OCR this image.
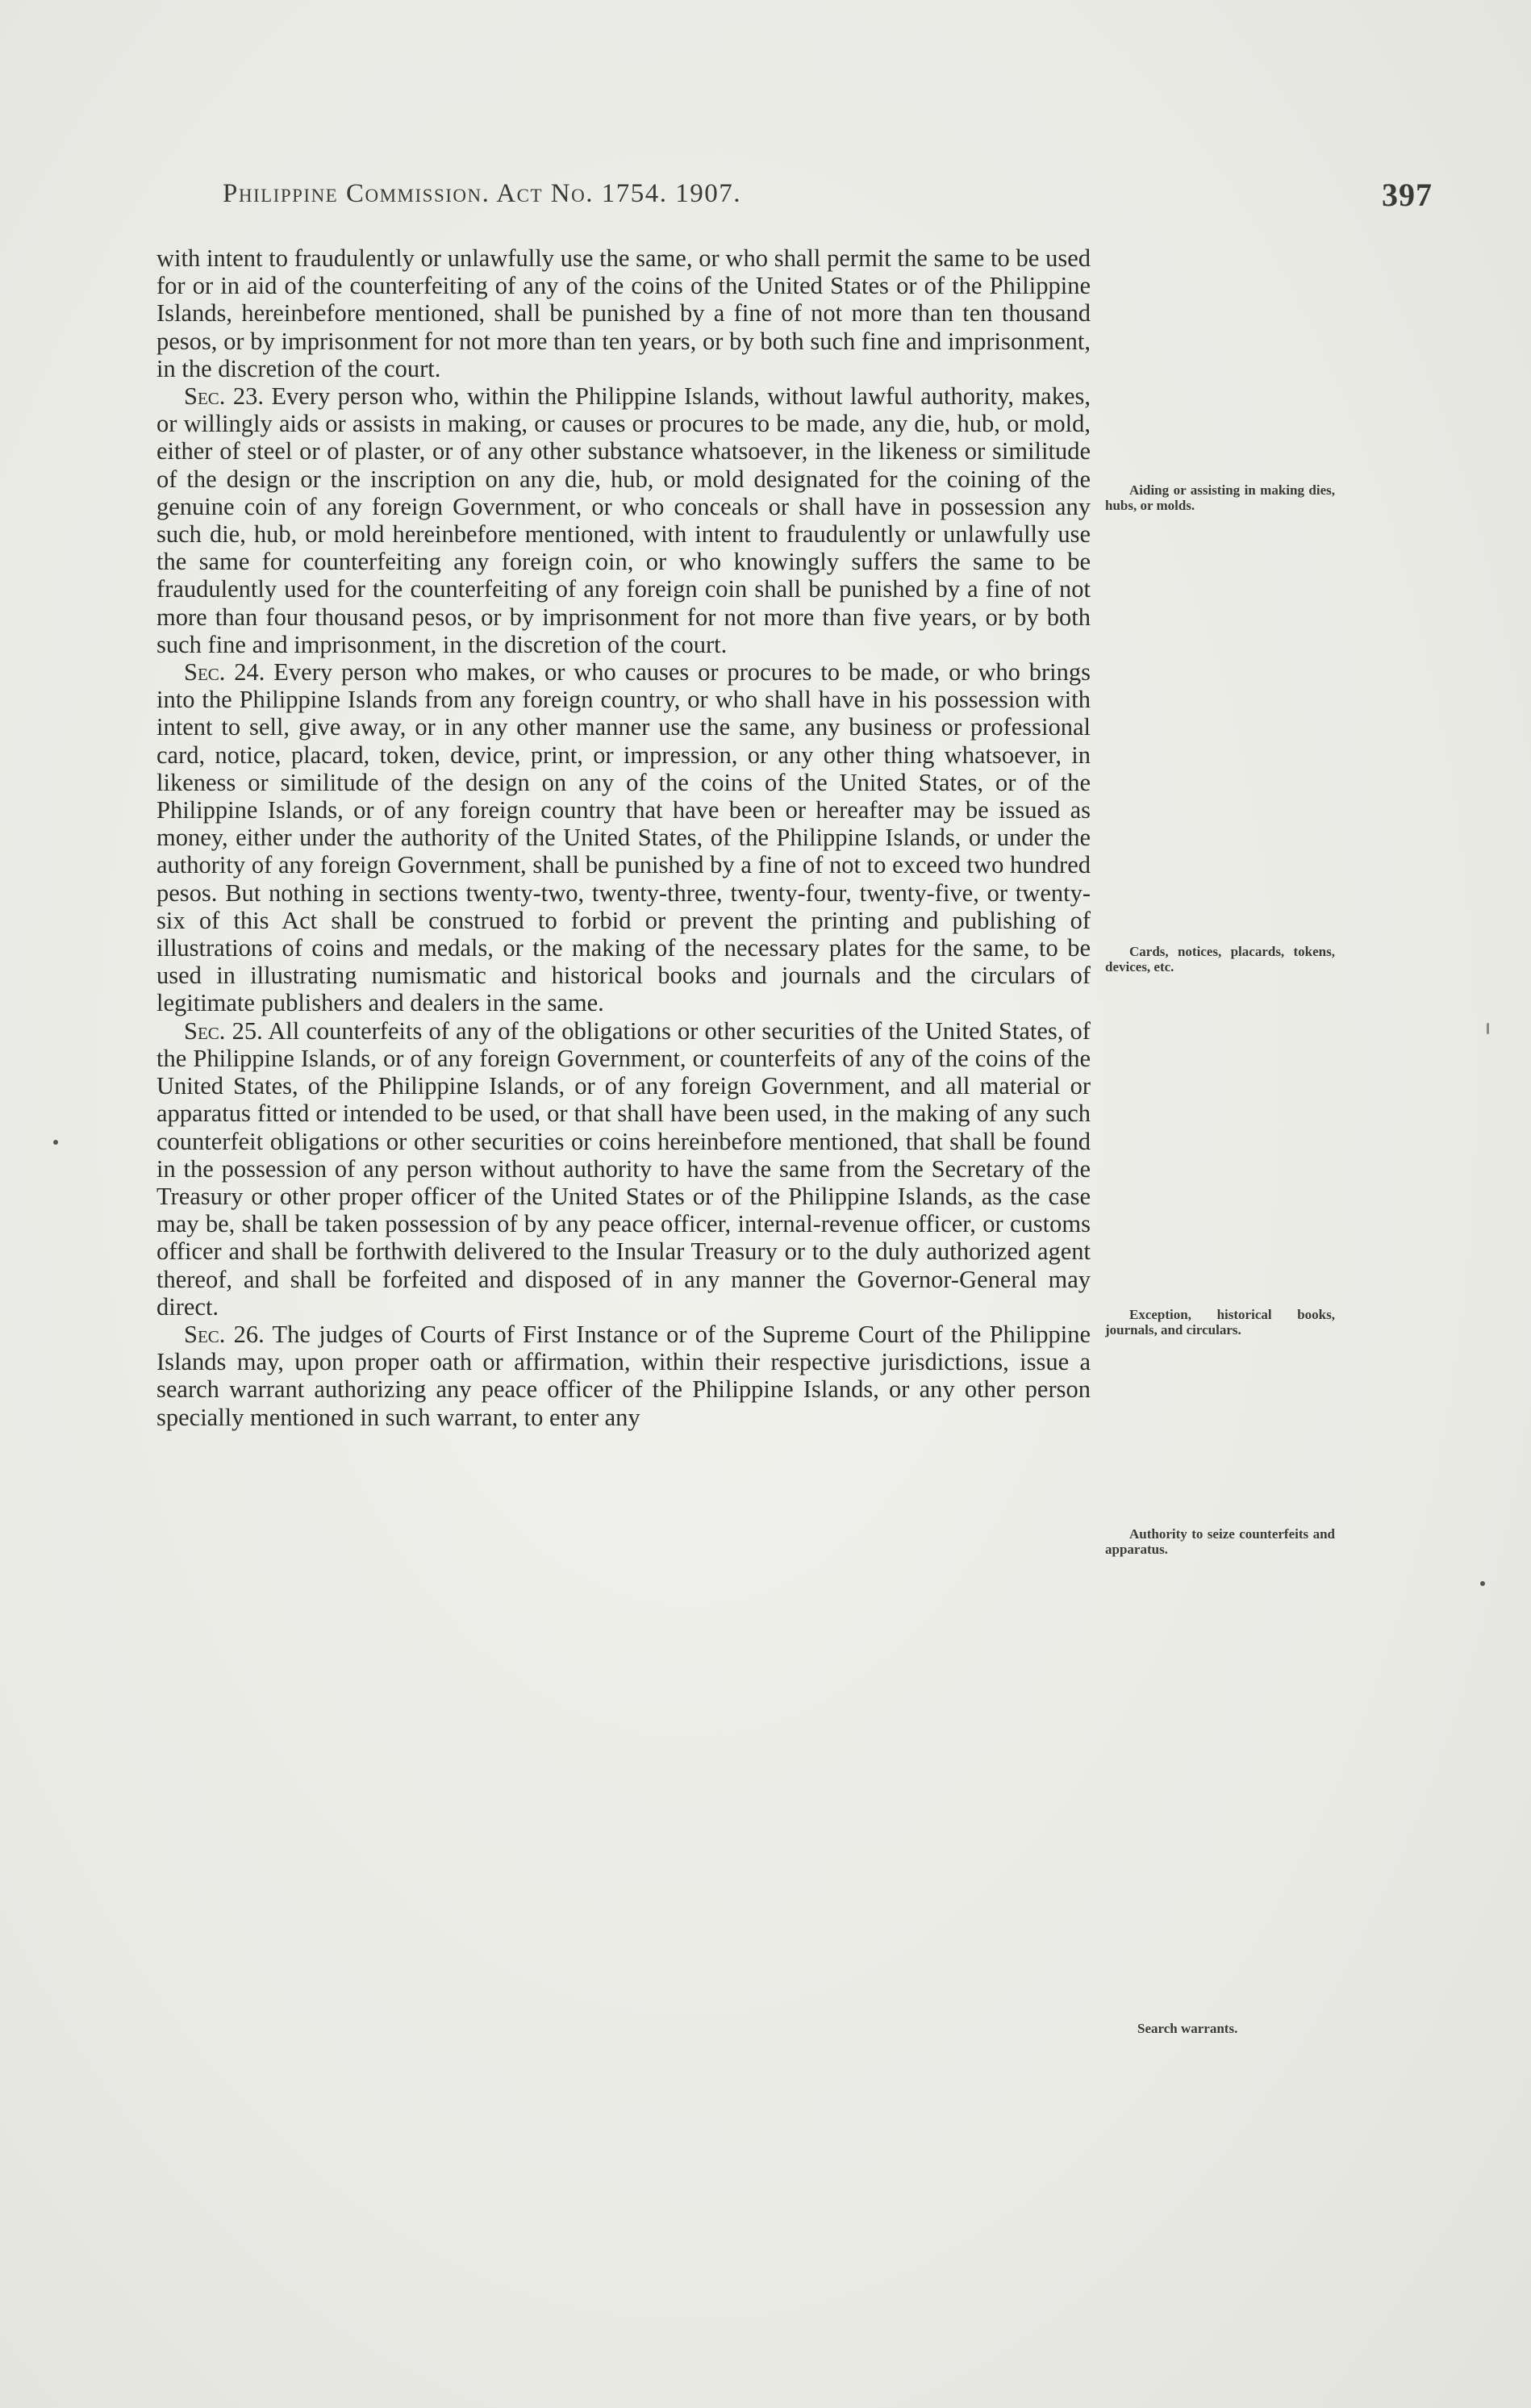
Philippine Commission. Act No. 1754. 1907.	397

with intent to fraudulently or unlawfully use the same, or who shall permit the same to be used for or in aid of the counterfeiting of any of the coins of the United States or of the Philippine Islands, hereinbefore mentioned, shall be punished by a fine of not more than ten thousand pesos, or by imprisonment for not more than ten years, or by both such fine and imprisonment, in the discretion of the court.

Sec. 23. Every person who, within the Philippine Islands, without lawful authority, makes, or willingly aids or assists in making, or causes or procures to be made, any die, hub, or mold, either of steel or of plaster, or of any other substance whatsoever, in the likeness or similitude of the design or the inscription on any die, hub, or mold designated for the coining of the genuine coin of any foreign Government, or who conceals or shall have in possession any such die, hub, or mold hereinbefore mentioned, with intent to fraudulently or unlawfully use the same for counterfeiting any foreign coin, or who knowingly suffers the same to be fraudulently used for the counterfeiting of any foreign coin shall be punished by a fine of not more than four thousand pesos, or by imprisonment for not more than five years, or by both such fine and imprisonment, in the discretion of the court.

Sec. 24. Every person who makes, or who causes or procures to be made, or who brings into the Philippine Islands from any foreign country, or who shall have in his possession with intent to sell, give away, or in any other manner use the same, any business or professional card, notice, placard, token, device, print, or impression, or any other thing whatsoever, in likeness or similitude of the design on any of the coins of the United States, or of the Philippine Islands, or of any foreign country that have been or hereafter may be issued as money, either under the authority of the United States, of the Philippine Islands, or under the authority of any foreign Government, shall be punished by a fine of not to exceed two hundred pesos. But nothing in sections twenty-two, twenty-three, twenty-four, twenty-five, or twenty-six of this Act shall be construed to forbid or prevent the printing and publishing of illustrations of coins and medals, or the making of the necessary plates for the same, to be used in illustrating numismatic and historical books and journals and the circulars of legitimate publishers and dealers in the same.

Sec. 25. All counterfeits of any of the obligations or other securities of the United States, of the Philippine Islands, or of any foreign Government, or counterfeits of any of the coins of the United States, of the Philippine Islands, or of any foreign Government, and all material or apparatus fitted or intended to be used, or that shall have been used, in the making of any such counterfeit obligations or other securities or coins hereinbefore mentioned, that shall be found in the possession of any person without authority to have the same from the Secretary of the Treasury or other proper officer of the United States or of the Philippine Islands, as the case may be, shall be taken possession of by any peace officer, internal-revenue officer, or customs officer and shall be forthwith delivered to the Insular Treasury or to the duly authorized agent thereof, and shall be forfeited and disposed of in any manner the Governor-General may direct.

Sec. 26. The judges of Courts of First Instance or of the Supreme Court of the Philippine Islands may, upon proper oath or affirmation, within their respective jurisdictions, issue a search warrant authorizing any peace officer of the Philippine Islands, or any other person specially mentioned in such warrant, to enter any

Aiding or assisting in making dies, hubs, or molds.
Cards, notices, placards, tokens, devices, etc.
Exception, historical books, journals, and circulars.
Authority to seize counterfeits and apparatus.
Search warrants.
